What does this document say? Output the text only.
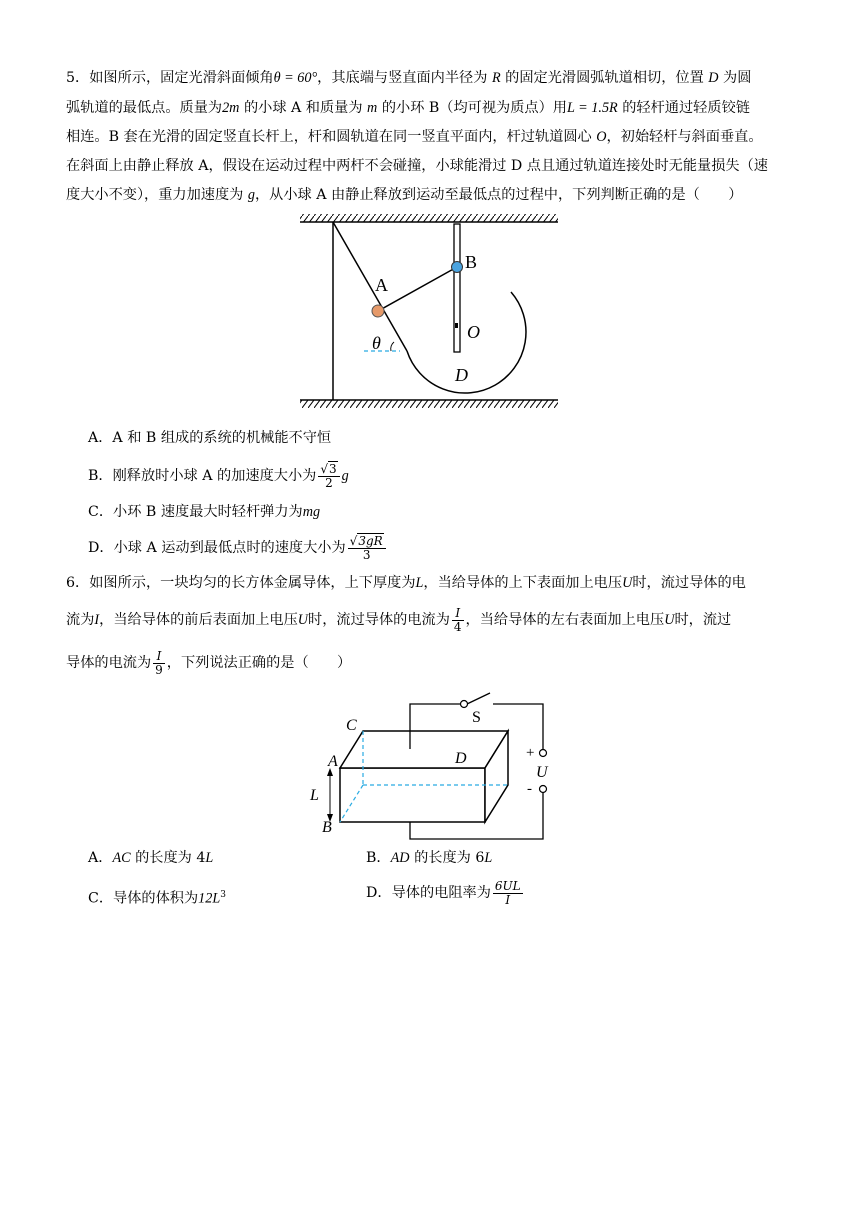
5．如图所示，固定光滑斜面倾角θ = 60°，其底端与竖直面内半径为 R 的固定光滑圆弧轨道相切，位置 D 为圆
弧轨道的最低点。质量为2m 的小球 A 和质量为 m 的小环 B（均可视为质点）用L = 1.5R 的轻杆通过轻质铰链
相连。B 套在光滑的固定竖直长杆上，杆和圆轨道在同一竖直平面内，杆过轨道圆心 O，初始轻杆与斜面垂直。
在斜面上由静止释放 A，假设在运动过程中两杆不会碰撞，小球能滑过 D 点且通过轨道连接处时无能量损失（速
度大小不变），重力加速度为 g，从小球 A 由静止释放到运动至最低点的过程中，下列判断正确的是（　　）
A
B
O
D
θ
A．A 和 B 组成的系统的机械能不守恒
B．刚释放时小球 A 的加速度大小为 $\frac{√3}{2}$ g
C．小环 B 速度最大时轻杆弹力为mg
D．小球 A 运动到最低点时的速度大小为 $\frac{√3gR}{3}$
6．如图所示，一块均匀的长方体金属导体，上下厚度为L，当给导体的上下表面加上电压U时，流过导体的电
流为I，当给导体的前后表面加上电压U时，流过导体的电流为 $\frac{I}{4}$ ，当给导体的左右表面加上电压U时，流过
导体的电流为 $\frac{I}{9}$ ，下列说法正确的是（　　）
C
A	D
B
L
S
U
+
-
A．AC 的长度为 4L	B．AD 的长度为 6L
C．导体的体积为$12L^3$	D．导体的电阻率为 $\frac{6UL}{I}$
